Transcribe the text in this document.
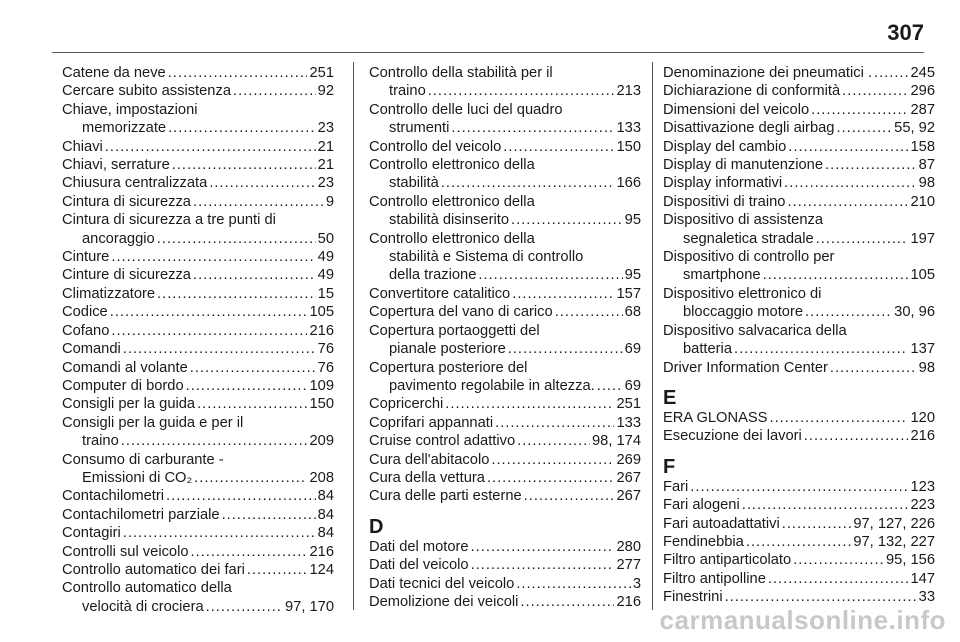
307
Catene da neve .....	251
Cercare subito assistenza .....	92
Chiave, impostazioni
memorizzate .....	23
Chiavi .....	21
Chiavi, serrature .....	21
Chiusura centralizzata .....	23
Cintura di sicurezza .....	9
Cintura di sicurezza a tre punti di
ancoraggio .....	50
Cinture .....	49
Cinture di sicurezza .....	49
Climatizzatore .....	15
Codice .....	105
Cofano .....	216
Comandi .....	76
Comandi al volante .....	76
Computer di bordo .....	109
Consigli per la guida .....	150
Consigli per la guida e per il
traino .....	209
Consumo di carburante -
Emissioni di CO₂ .....	208
Contachilometri .....	84
Contachilometri parziale .....	84
Contagiri .....	84
Controlli sul veicolo .....	216
Controllo automatico dei fari .....	124
Controllo automatico della
velocità di crociera .....	97, 170
Controllo della stabilità per il
traino .....	213
Controllo delle luci del quadro
strumenti .....	133
Controllo del veicolo .....	150
Controllo elettronico della
stabilità .....	166
Controllo elettronico della
stabilità disinserito .....	95
Controllo elettronico della
stabilità e Sistema di controllo
della trazione .....	95
Convertitore catalitico .....	157
Copertura del vano di carico .....	68
Copertura portaoggetti del
pianale posteriore .....	69
Copertura posteriore del
pavimento regolabile in altezza. ..... 69
Copricerchi .....	251
Coprifari appannati .....	133
Cruise control adattivo .....	98, 174
Cura dell'abitacolo .....	269
Cura della vettura .....	267
Cura delle parti esterne .....	267
D
Dati del motore .....	280
Dati del veicolo .....	277
Dati tecnici del veicolo .....	3
Demolizione dei veicoli .....	216
Denominazione dei pneumatici . .....	245
Dichiarazione di conformità .....	296
Dimensioni del veicolo .....	287
Disattivazione degli airbag .....	55, 92
Display del cambio .....	158
Display di manutenzione .....	87
Display informativi .....	98
Dispositivi di traino .....	210
Dispositivo di assistenza
segnaletica stradale .....	197
Dispositivo di controllo per
smartphone .....	105
Dispositivo elettronico di
bloccaggio motore .....	30, 96
Dispositivo salvacarica della
batteria .....	137
Driver Information Center .....	98
E
ERA GLONASS .....	120
Esecuzione dei lavori .....	216
F
Fari .....	123
Fari alogeni .....	223
Fari autoadattativi .....	97, 127, 226
Fendinebbia .....	97, 132, 227
Filtro antiparticolato .....	95, 156
Filtro antipolline .....	147
Finestrini .....	33
carmanualsonline.info
